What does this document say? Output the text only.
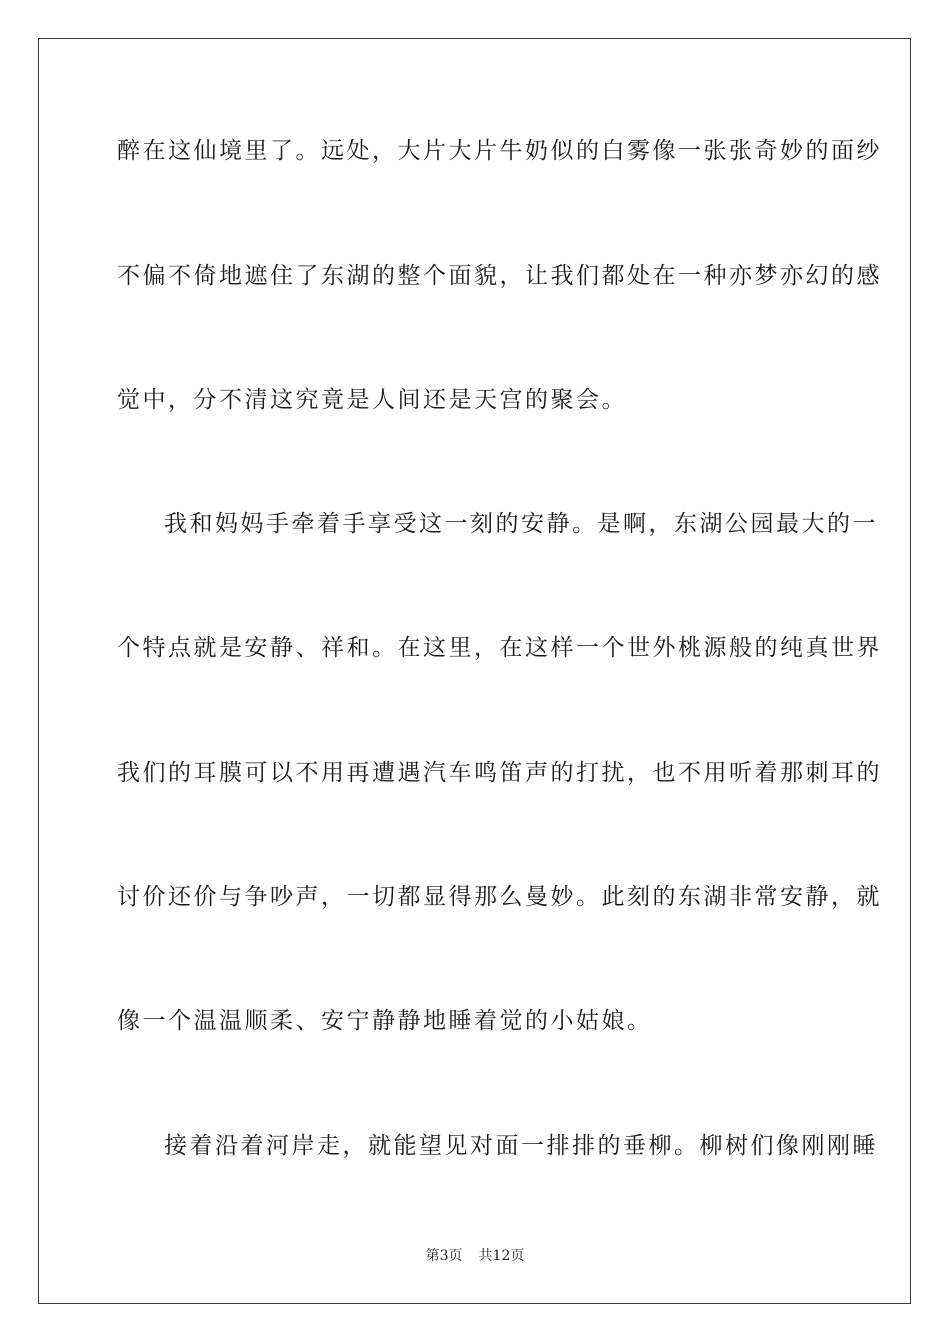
醉在这仙境里了。远处，大片大片牛奶似的白雾像一张张奇妙的面纱
不偏不倚地遮住了东湖的整个面貌，让我们都处在一种亦梦亦幻的感
觉中，分不清这究竟是人间还是天宫的聚会。
我和妈妈手牵着手享受这一刻的安静。是啊，东湖公园最大的一
个特点就是安静、祥和。在这里，在这样一个世外桃源般的纯真世界
我们的耳膜可以不用再遭遇汽车鸣笛声的打扰，也不用听着那刺耳的
讨价还价与争吵声，一切都显得那么曼妙。此刻的东湖非常安静，就
像一个温温顺柔、安宁静静地睡着觉的小姑娘。
接着沿着河岸走，就能望见对面一排排的垂柳。柳树们像刚刚睡
第3页 共12页
